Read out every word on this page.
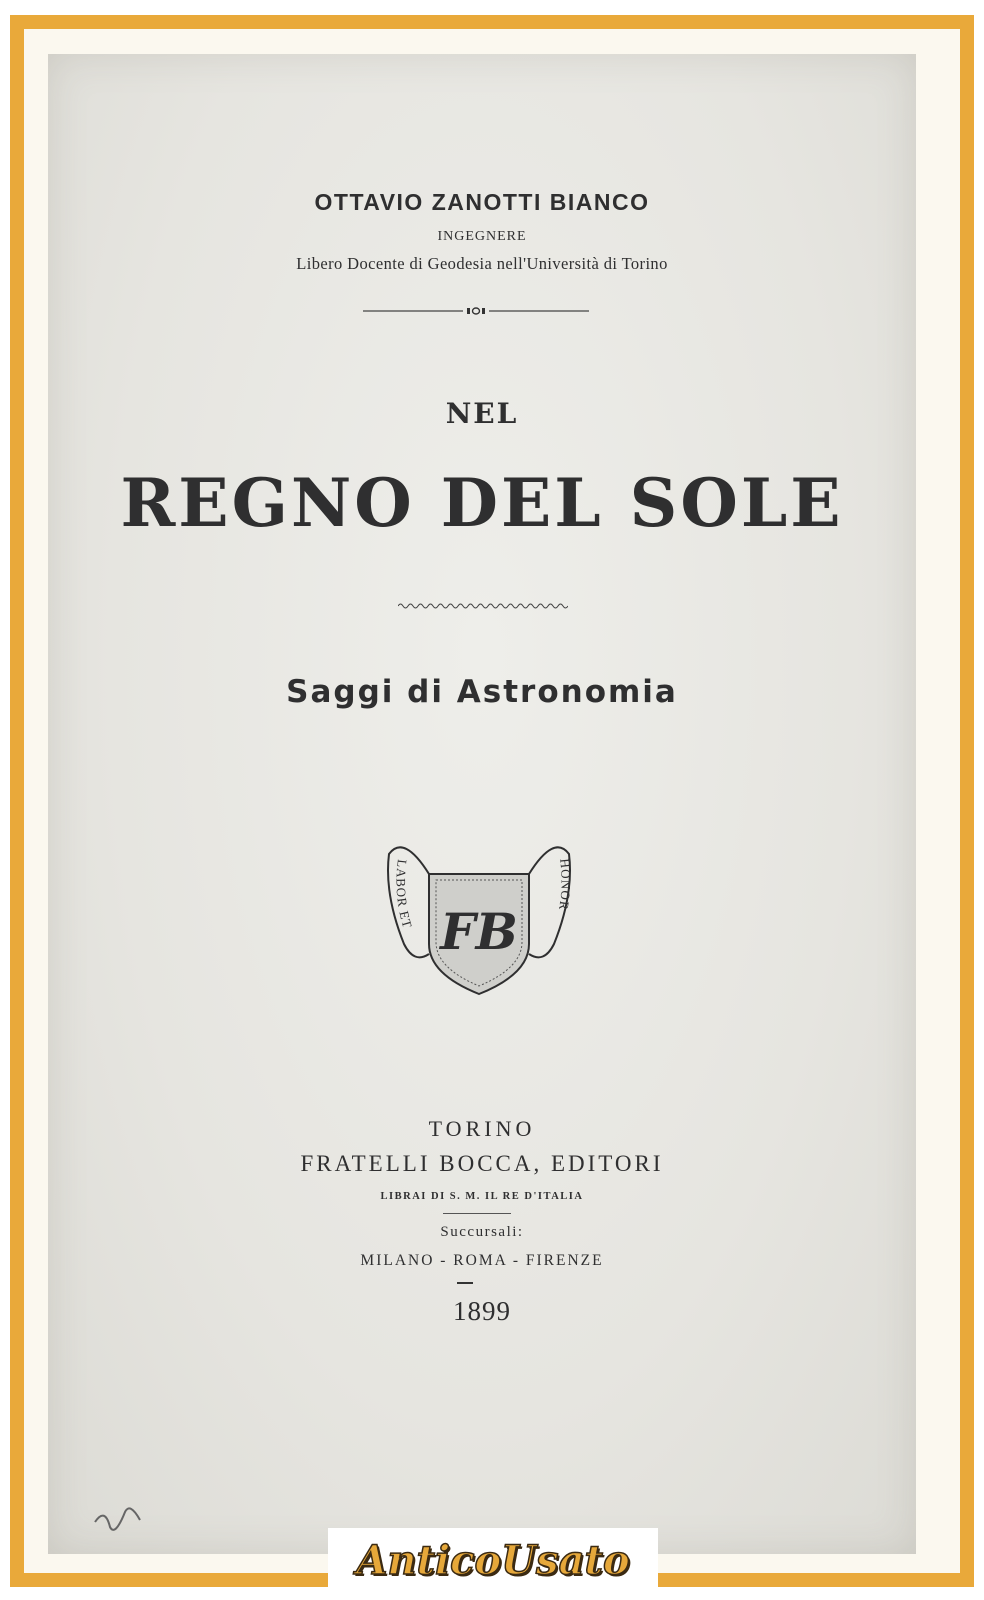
OTTAVIO ZANOTTI BIANCO
INGEGNERE
Libero Docente di Geodesia nell'Università di Torino
NEL
REGNO DEL SOLE
Saggi di Astronomia
LABOR ET
HONOR
FB
TORINO
FRATELLI BOCCA, EDITORI
LIBRAI DI S. M. IL RE D'ITALIA
Succursali:
MILANO - ROMA - FIRENZE
1899
AnticoUsato
